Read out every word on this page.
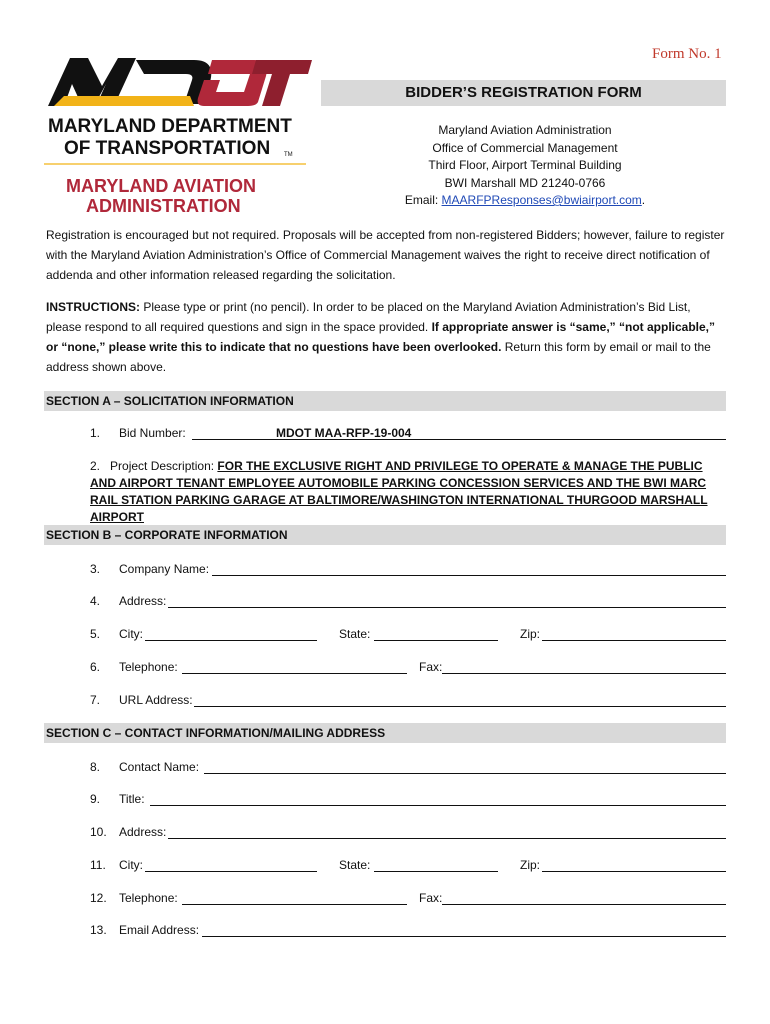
Form No. 1
MARYLAND DEPARTMENT
OF TRANSPORTATION TM
MARYLAND AVIATION
ADMINISTRATION
BIDDER’S REGISTRATION FORM
Maryland Aviation Administration
Office of Commercial Management
Third Floor, Airport Terminal Building
BWI Marshall MD 21240-0766
Email: MAARFPResponses@bwiairport.com.
Registration is encouraged but not required. Proposals will be accepted from non-registered Bidders; however, failure to register with the Maryland Aviation Administration’s Office of Commercial Management waives the right to receive direct notification of addenda and other information released regarding the solicitation.
INSTRUCTIONS: Please type or print (no pencil). In order to be placed on the Maryland Aviation Administration’s Bid List, please respond to all required questions and sign in the space provided. If appropriate answer is “same,” “not applicable,” or “none,” please write this to indicate that no questions have been overlooked. Return this form by email or mail to the address shown above.
SECTION A – SOLICITATION INFORMATION
1. Bid Number:	MDOT MAA-RFP-19-004
2. Project Description: FOR THE EXCLUSIVE RIGHT AND PRIVILEGE TO OPERATE & MANAGE THE PUBLIC AND AIRPORT TENANT EMPLOYEE AUTOMOBILE PARKING CONCESSION SERVICES AND THE BWI MARC RAIL STATION PARKING GARAGE AT BALTIMORE/WASHINGTON INTERNATIONAL THURGOOD MARSHALL AIRPORT
SECTION B – CORPORATE INFORMATION
3. Company Name:
4. Address:
5. City:	State:	Zip:
6. Telephone:	Fax:
7. URL Address:
SECTION C – CONTACT INFORMATION/MAILING ADDRESS
8. Contact Name:
9. Title:
10. Address:
11. City:	State:	Zip:
12. Telephone:	Fax:
13. Email Address:
